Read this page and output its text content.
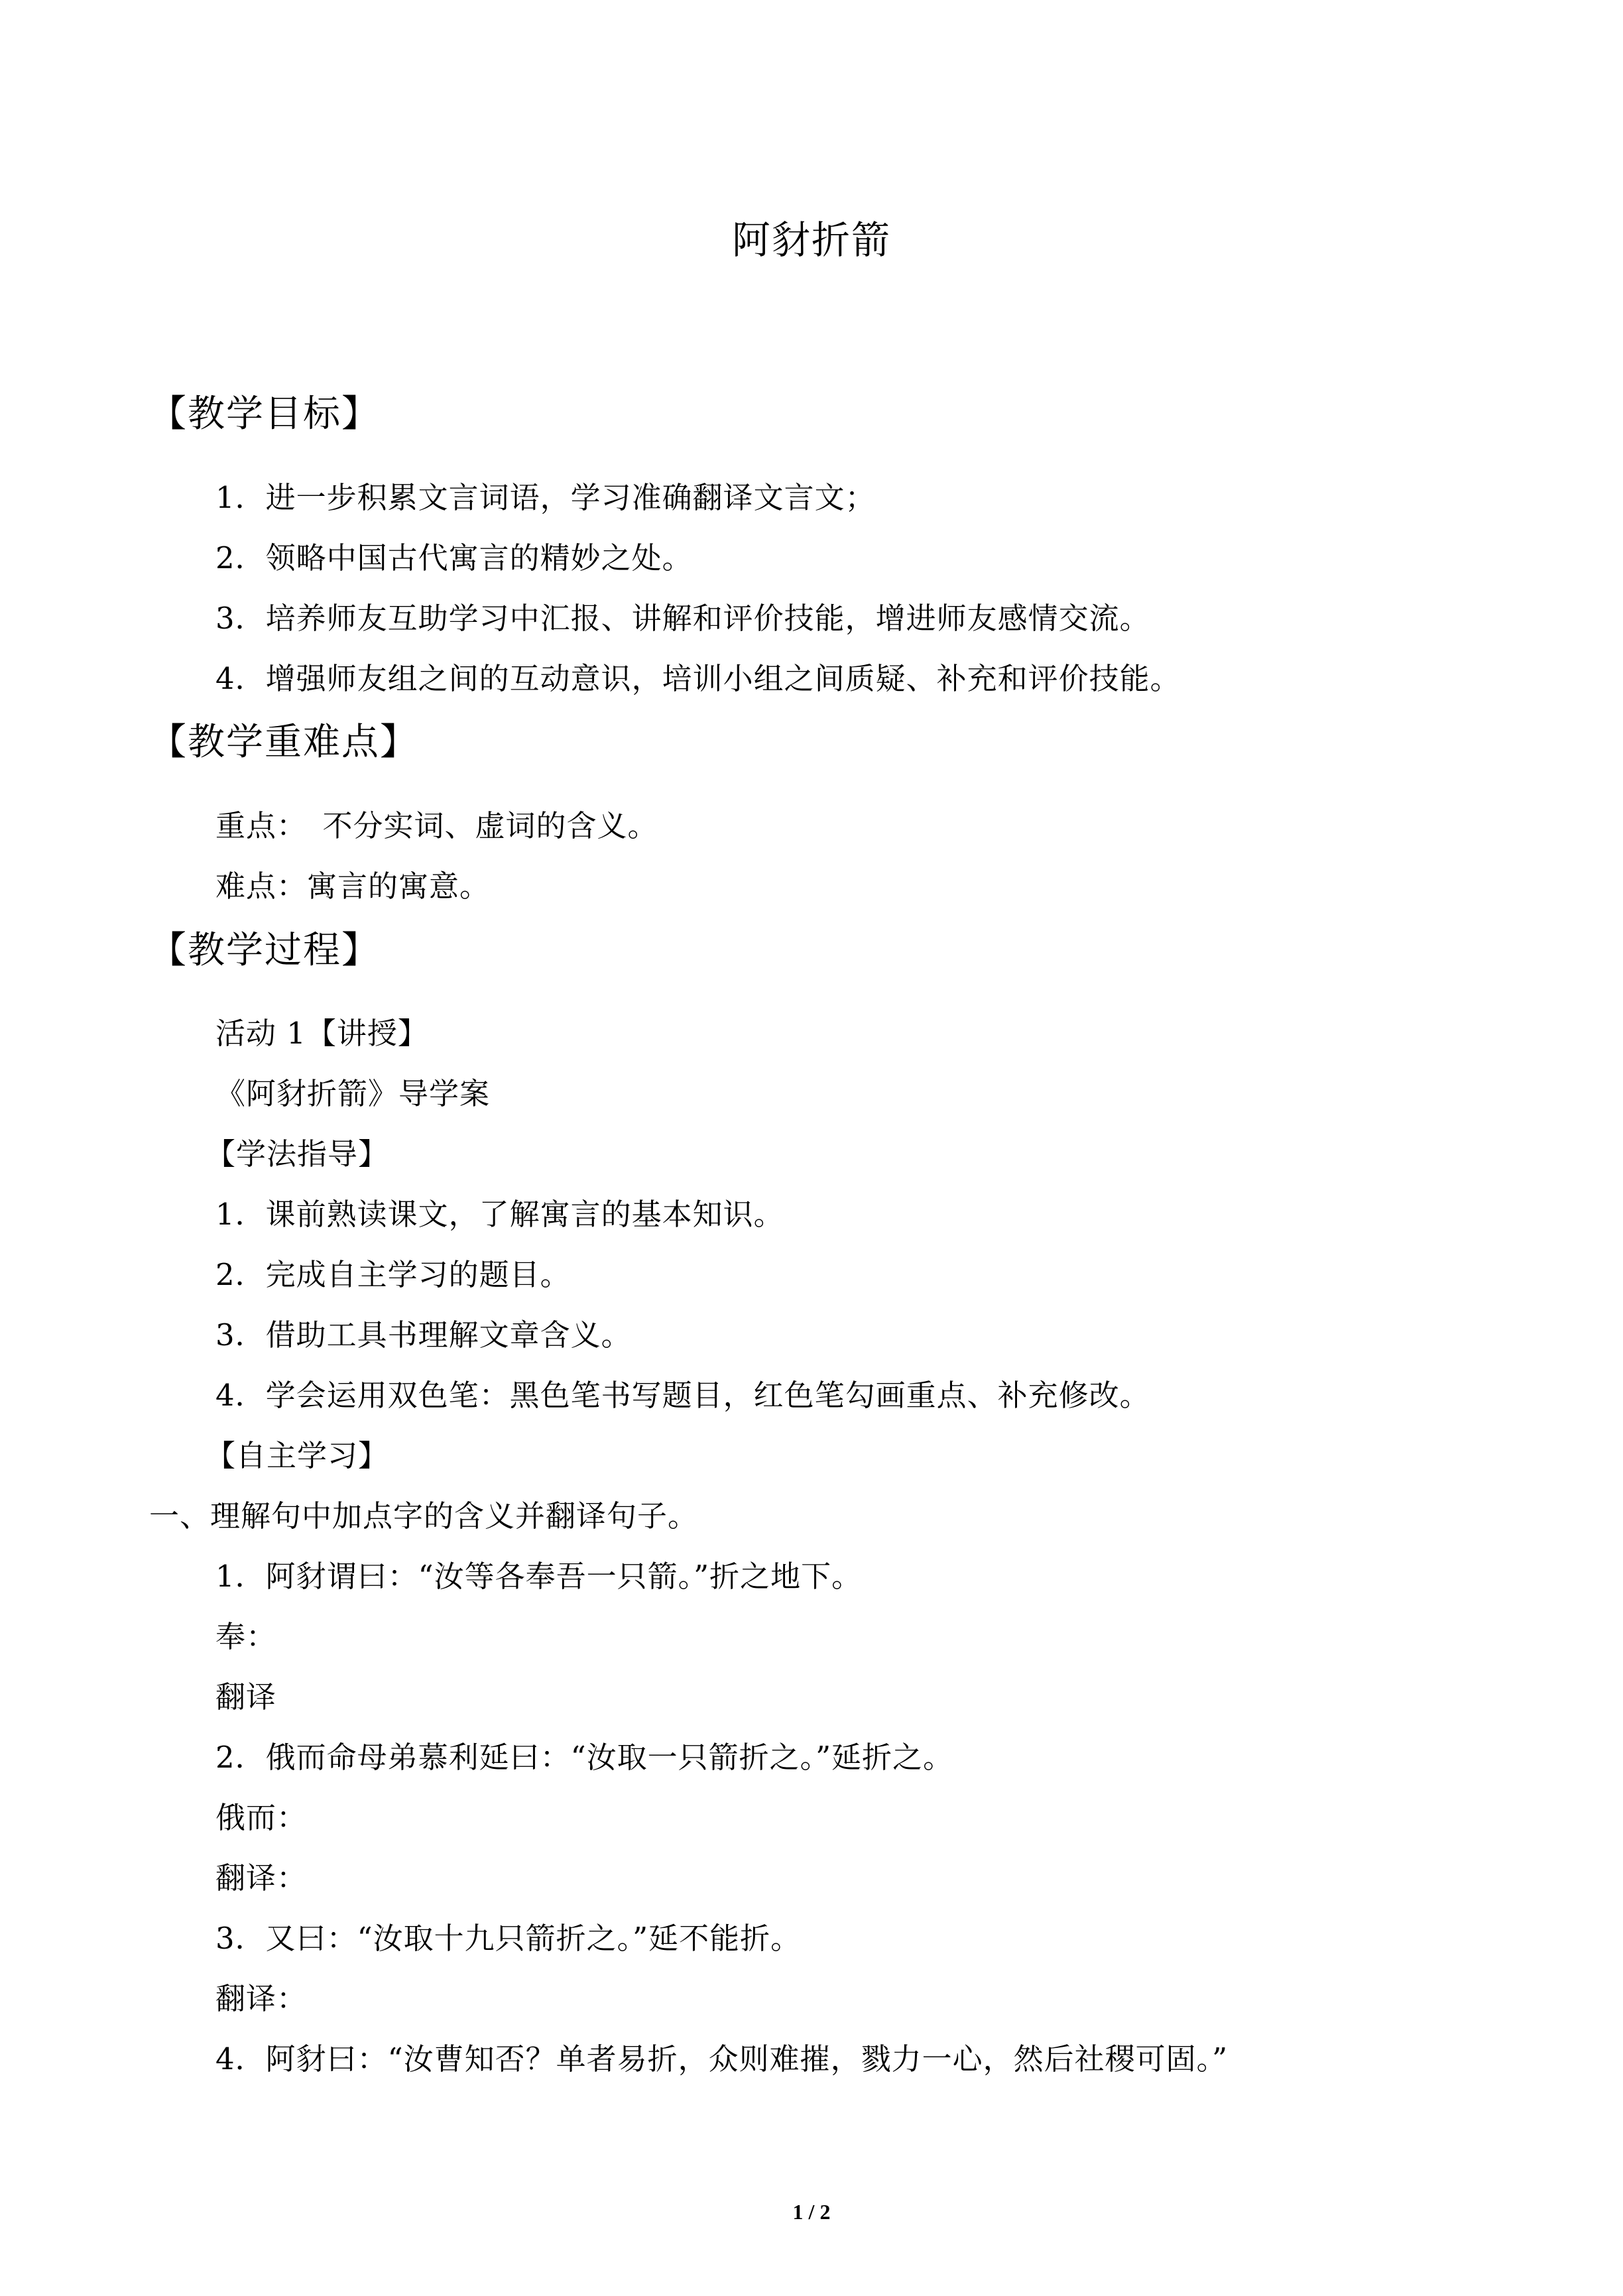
阿豺折箭
【教学目标】
1．进一步积累文言词语，学习准确翻译文言文；
2．领略中国古代寓言的精妙之处。
3．培养师友互助学习中汇报、讲解和评价技能，增进师友感情交流。
4．增强师友组之间的互动意识，培训小组之间质疑、补充和评价技能。
【教学重难点】
重点：　不分实词、虚词的含义。
难点：寓言的寓意。
【教学过程】
活动 1【讲授】
《阿豺折箭》导学案
【学法指导】
1．课前熟读课文，了解寓言的基本知识。
2．完成自主学习的题目。
3．借助工具书理解文章含义。
4．学会运用双色笔：黑色笔书写题目，红色笔勾画重点、补充修改。
【自主学习】
一、理解句中加点字的含义并翻译句子。
1．阿豺谓曰：“汝等各奉吾一只箭。”折之地下。
奉：
翻译
2．俄而命母弟慕利延曰：“汝取一只箭折之。”延折之。
俄而：
翻译：
3．又曰：“汝取十九只箭折之。”延不能折。
翻译：
4．阿豺曰：“汝曹知否？单者易折，众则难摧，戮力一心，然后社稷可固。”
1 / 2
